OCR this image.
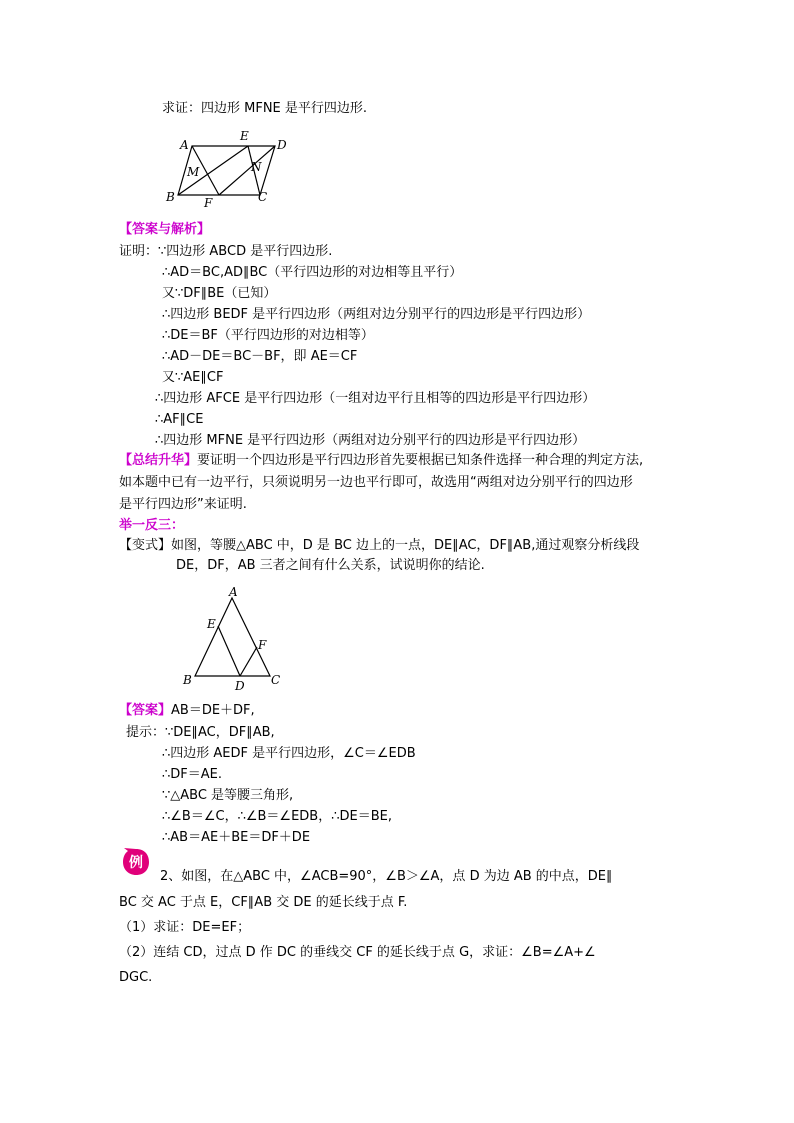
求证：四边形 MFNE 是平行四边形.
A
E
D
M	N
B F	C
【答案与解析】
证明：∵四边形 ABCD 是平行四边形.
∴AD＝BC,AD∥BC（平行四边形的对边相等且平行）
又∵DF∥BE（已知）
∴四边形 BEDF 是平行四边形（两组对边分别平行的四边形是平行四边形）
∴DE＝BF（平行四边形的对边相等）
∴AD－DE＝BC－BF，即 AE＝CF
又∵AE∥CF
∴四边形 AFCE 是平行四边形（一组对边平行且相等的四边形是平行四边形）
∴AF∥CE
∴四边形 MFNE 是平行四边形（两组对边分别平行的四边形是平行四边形）
【总结升华】要证明一个四边形是平行四边形首先要根据已知条件选择一种合理的判定方法,
如本题中已有一边平行，只须说明另一边也平行即可，故选用“两组对边分别平行的四边形
是平行四边形”来证明.
举一反三：
【变式】如图，等腰△ABC 中，D 是 BC 边上的一点，DE∥AC，DF∥AB,通过观察分析线段
DE，DF，AB 三者之间有什么关系，试说明你的结论.
A
E
F
B	D C
【答案】AB＝DE＋DF,
提示：∵DE∥AC，DF∥AB,
∴四边形 AEDF 是平行四边形，∠C＝∠EDB
∴DF＝AE.
∵△ABC 是等腰三角形,
∴∠B＝∠C，∴∠B＝∠EDB，∴DE＝BE,
∴AB＝AE＋BE＝DF＋DE
例
2、如图，在△ABC 中，∠ACB=90°，∠B＞∠A，点 D 为边 AB 的中点，DE∥
BC 交 AC 于点 E，CF∥AB 交 DE 的延长线于点 F.
（1）求证：DE=EF；
（2）连结 CD，过点 D 作 DC 的垂线交 CF 的延长线于点 G，求证：∠B=∠A+∠
DGC.
